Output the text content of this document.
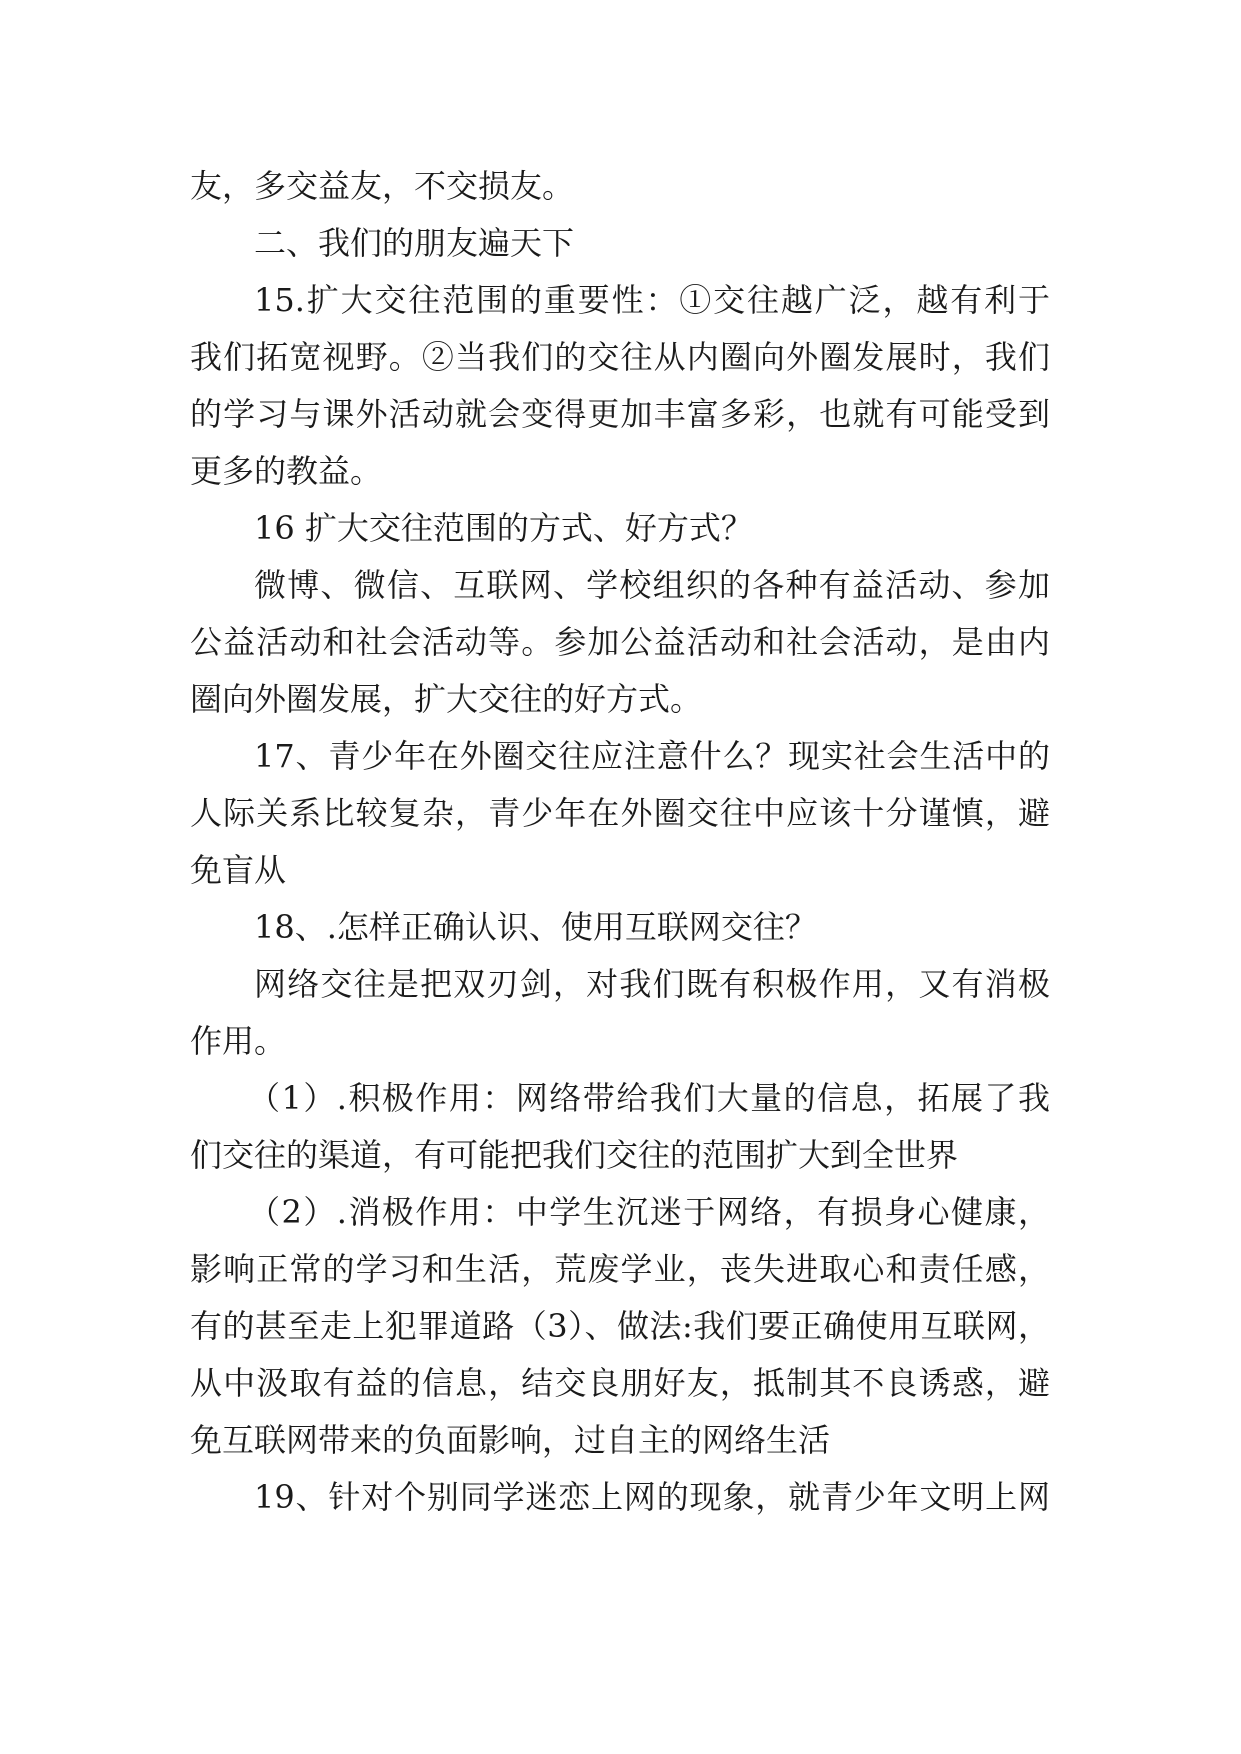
友，多交益友，不交损友。
二、我们的朋友遍天下
15.扩大交往范围的重要性：①交往越广泛，越有利于
我们拓宽视野。②当我们的交往从内圈向外圈发展时，我们
的学习与课外活动就会变得更加丰富多彩，也就有可能受到
更多的教益。
16 扩大交往范围的方式、好方式？
微博、微信、互联网、学校组织的各种有益活动、参加
公益活动和社会活动等。参加公益活动和社会活动，是由内
圈向外圈发展，扩大交往的好方式。
17、青少年在外圈交往应注意什么？现实社会生活中的
人际关系比较复杂，青少年在外圈交往中应该十分谨慎，避
免盲从
18、.怎样正确认识、使用互联网交往？
网络交往是把双刃剑，对我们既有积极作用，又有消极
作用。
（1）.积极作用：网络带给我们大量的信息，拓展了我
们交往的渠道，有可能把我们交往的范围扩大到全世界
（2）.消极作用：中学生沉迷于网络，有损身心健康，
影响正常的学习和生活，荒废学业，丧失进取心和责任感，
有的甚至走上犯罪道路（3）、做法:我们要正确使用互联网，
从中汲取有益的信息，结交良朋好友，抵制其不良诱惑，避
免互联网带来的负面影响，过自主的网络生活
19、针对个别同学迷恋上网的现象，就青少年文明上网
